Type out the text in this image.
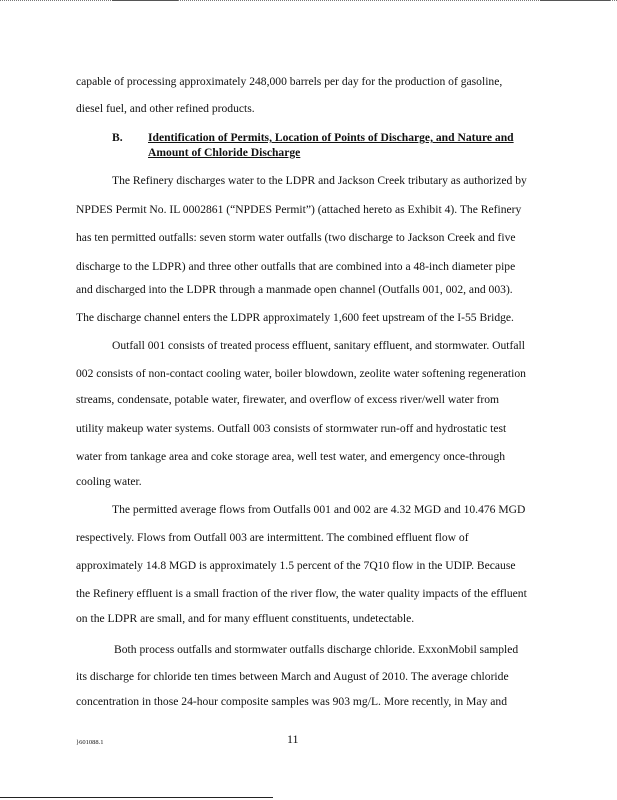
capable of processing approximately 248,000 barrels per day for the production of gasoline,
diesel fuel, and other refined products.
B. Identification of Permits, Location of Points of Discharge, and Nature and
Amount of Chloride Discharge
The Refinery discharges water to the LDPR and Jackson Creek tributary as authorized by
NPDES Permit No. IL 0002861 (“NPDES Permit”) (attached hereto as Exhibit 4). The Refinery
has ten permitted outfalls: seven storm water outfalls (two discharge to Jackson Creek and five
discharge to the LDPR) and three other outfalls that are combined into a 48-inch diameter pipe
and discharged into the LDPR through a manmade open channel (Outfalls 001, 002, and 003).
The discharge channel enters the LDPR approximately 1,600 feet upstream of the I-55 Bridge.
Outfall 001 consists of treated process effluent, sanitary effluent, and stormwater. Outfall
002 consists of non-contact cooling water, boiler blowdown, zeolite water softening regeneration
streams, condensate, potable water, firewater, and overflow of excess river/well water from
utility makeup water systems. Outfall 003 consists of stormwater run-off and hydrostatic test
water from tankage area and coke storage area, well test water, and emergency once-through
cooling water.
The permitted average flows from Outfalls 001 and 002 are 4.32 MGD and 10.476 MGD
respectively. Flows from Outfall 003 are intermittent. The combined effluent flow of
approximately 14.8 MGD is approximately 1.5 percent of the 7Q10 flow in the UDIP. Because
the Refinery effluent is a small fraction of the river flow, the water quality impacts of the effluent
on the LDPR are small, and for many effluent constituents, undetectable.
Both process outfalls and stormwater outfalls discharge chloride. ExxonMobil sampled
its discharge for chloride ten times between March and August of 2010. The average chloride
concentration in those 24-hour composite samples was 903 mg/L. More recently, in May and
}601088.1	11
